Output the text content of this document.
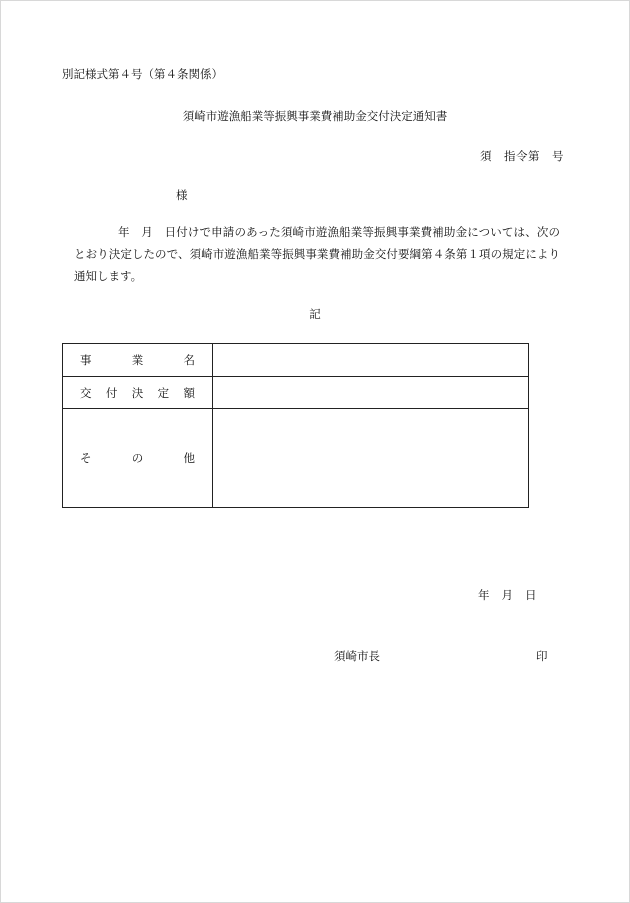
別記様式第４号（第４条関係）
須崎市遊漁船業等振興事業費補助金交付決定通知書
須　指令第　号
様
年　月　日付けで申請のあった須崎市遊漁船業等振興事業費補助金については、次のとおり決定したので、須崎市遊漁船業等振興事業費補助金交付要綱第４条第１項の規定により通知します。
記
事業名	
交付決定額	
その他	
年 月 日
須崎市長	印
